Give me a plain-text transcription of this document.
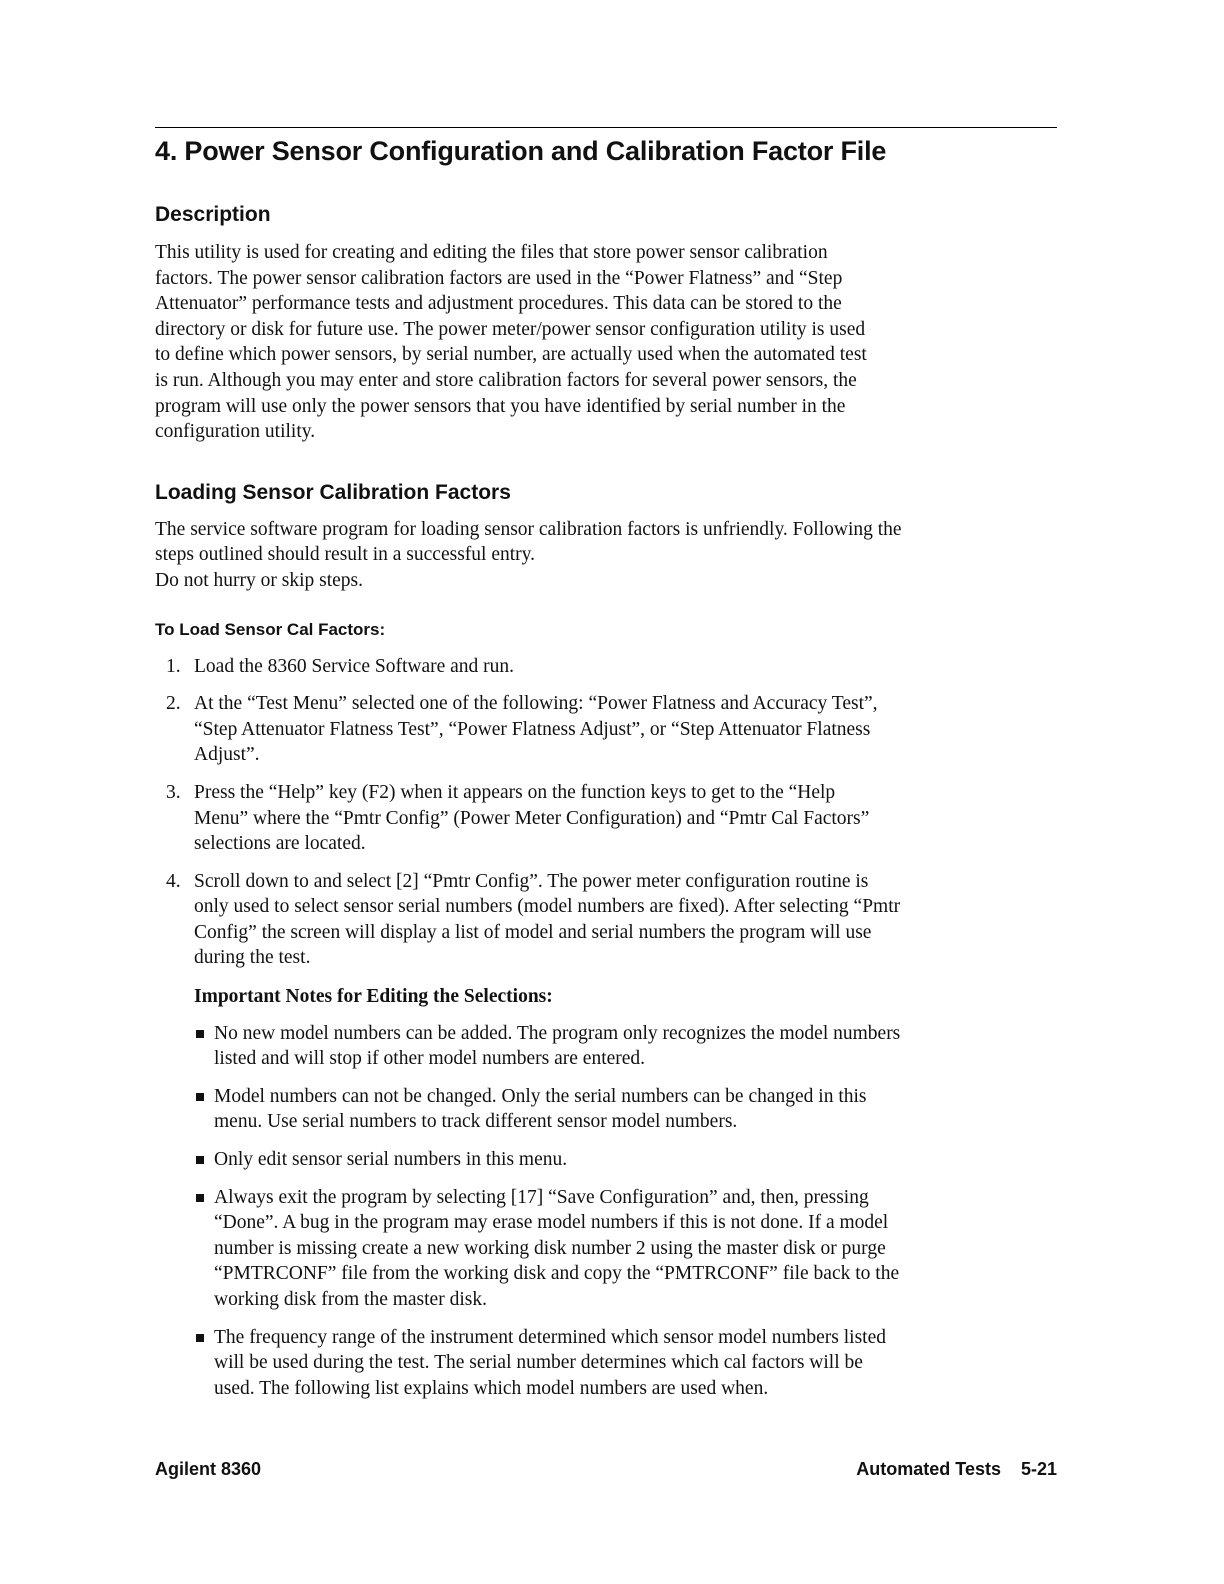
4. Power Sensor Configuration and Calibration Factor File
Description
This utility is used for creating and editing the files that store power sensor calibration
factors. The power sensor calibration factors are used in the “Power Flatness” and “Step
Attenuator” performance tests and adjustment procedures. This data can be stored to the
directory or disk for future use. The power meter/power sensor configuration utility is used
to define which power sensors, by serial number, are actually used when the automated test
is run. Although you may enter and store calibration factors for several power sensors, the
program will use only the power sensors that you have identified by serial number in the
configuration utility.
Loading Sensor Calibration Factors
The service software program for loading sensor calibration factors is unfriendly. Following the
steps outlined should result in a successful entry.
Do not hurry or skip steps.
To Load Sensor Cal Factors:
1. Load the 8360 Service Software and run.
2. At the “Test Menu” selected one of the following: “Power Flatness and Accuracy Test”,
“Step Attenuator Flatness Test”, “Power Flatness Adjust”, or “Step Attenuator Flatness
Adjust”.
3. Press the “Help” key (F2) when it appears on the function keys to get to the “Help
Menu” where the “Pmtr Config” (Power Meter Configuration) and “Pmtr Cal Factors”
selections are located.
4. Scroll down to and select [2] “Pmtr Config”. The power meter configuration routine is
only used to select sensor serial numbers (model numbers are fixed). After selecting “Pmtr
Config” the screen will display a list of model and serial numbers the program will use
during the test.
Important Notes for Editing the Selections:
No new model numbers can be added. The program only recognizes the model numbers
listed and will stop if other model numbers are entered.
Model numbers can not be changed. Only the serial numbers can be changed in this
menu. Use serial numbers to track different sensor model numbers.
Only edit sensor serial numbers in this menu.
Always exit the program by selecting [17] “Save Configuration” and, then, pressing
“Done”. A bug in the program may erase model numbers if this is not done. If a model
number is missing create a new working disk number 2 using the master disk or purge
“PMTRCONF” file from the working disk and copy the “PMTRCONF” file back to the
working disk from the master disk.
The frequency range of the instrument determined which sensor model numbers listed
will be used during the test. The serial number determines which cal factors will be
used. The following list explains which model numbers are used when.
Agilent 8360	Automated Tests 5-21
